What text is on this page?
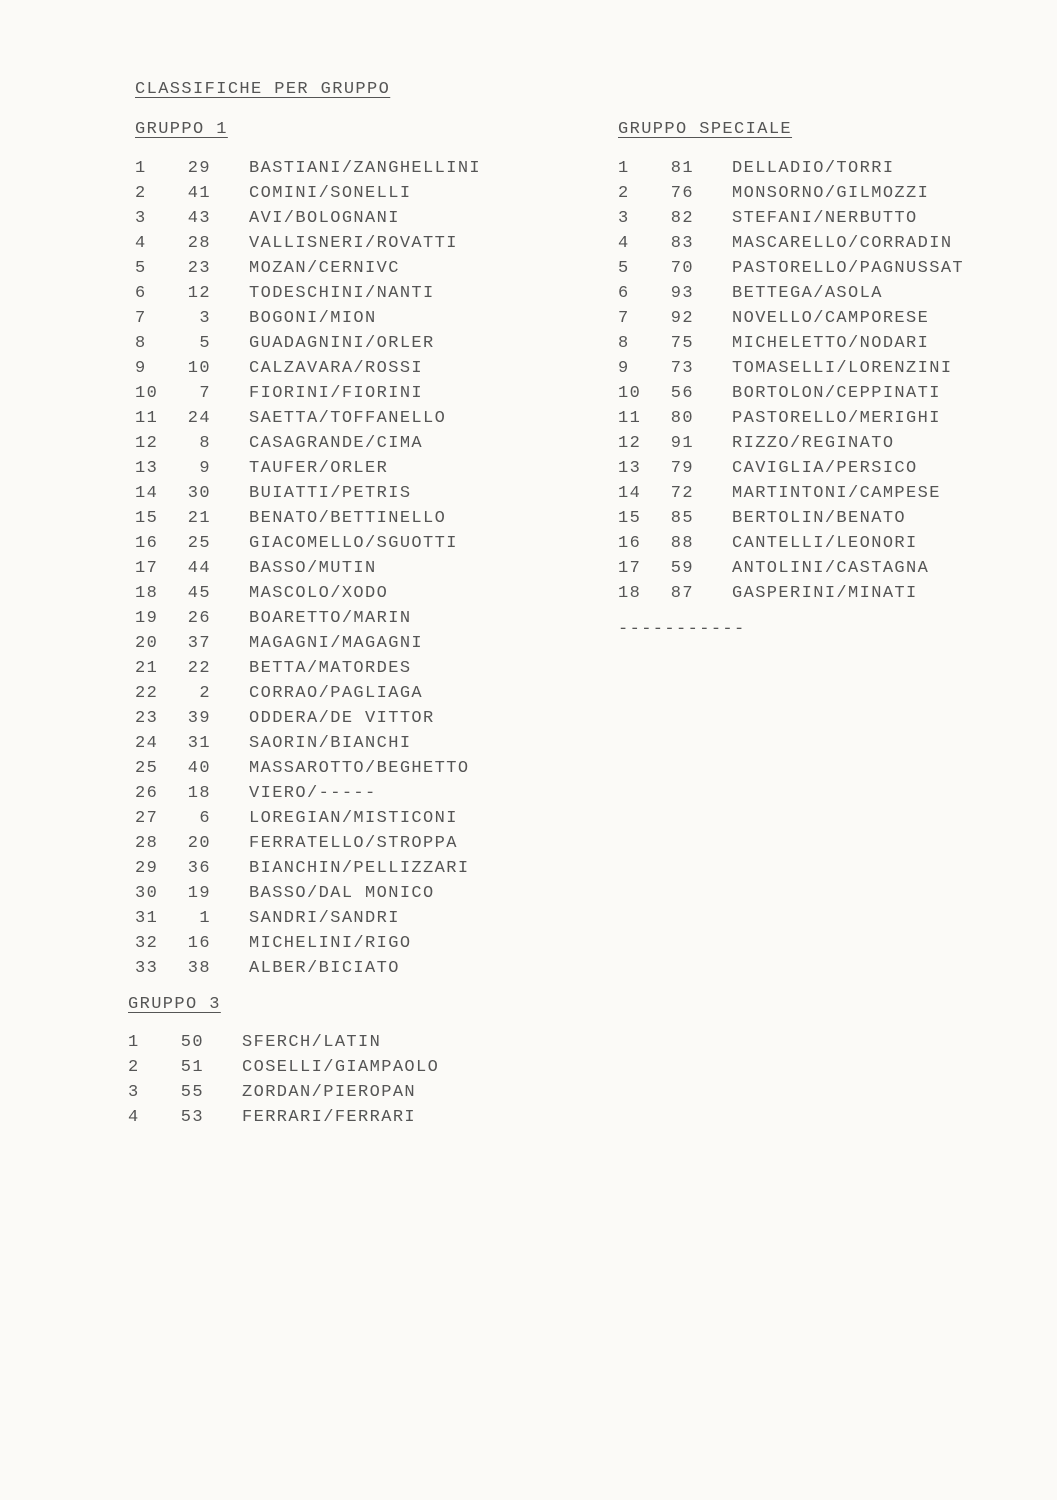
CLASSIFICHE PER GRUPPO
GRUPPO 1
1	29 BASTIANI/ZANGHELLINI
2	41 COMINI/SONELLI
3	43 AVI/BOLOGNANI
4	28 VALLISNERI/ROVATTI
5	23 MOZAN/CERNIVC
6	12 TODESCHINI/NANTI
7	3 BOGONI/MION
8	5 GUADAGNINI/ORLER
9	10 CALZAVARA/ROSSI
10	7 FIORINI/FIORINI
11	24 SAETTA/TOFFANELLO
12	8 CASAGRANDE/CIMA
13	9 TAUFER/ORLER
14	30 BUIATTI/PETRIS
15	21 BENATO/BETTINELLO
16	25 GIACOMELLO/SGUOTTI
17	44 BASSO/MUTIN
18	45 MASCOLO/XODO
19	26 BOARETTO/MARIN
20	37 MAGAGNI/MAGAGNI
21	22 BETTA/MATORDES
22	2 CORRAO/PAGLIAGA
23	39 ODDERA/DE VITTOR
24	31 SAORIN/BIANCHI
25	40 MASSAROTTO/BEGHETTO
26	18 VIERO/-----
27	6 LOREGIAN/MISTICONI
28	20 FERRATELLO/STROPPA
29	36 BIANCHIN/PELLIZZARI
30	19 BASSO/DAL MONICO
31	1 SANDRI/SANDRI
32	16 MICHELINI/RIGO
33	38 ALBER/BICIATO
GRUPPO 3
1	50 SFERCH/LATIN
2	51 COSELLI/GIAMPAOLO
3	55 ZORDAN/PIEROPAN
4	53 FERRARI/FERRARI
GRUPPO SPECIALE
1	81 DELLADIO/TORRI
2	76 MONSORNO/GILMOZZI
3	82 STEFANI/NERBUTTO
4	83 MASCARELLO/CORRADIN
5	70 PASTORELLO/PAGNUSSAT
6	93 BETTEGA/ASOLA
7	92 NOVELLO/CAMPORESE
8	75 MICHELETTO/NODARI
9	73 TOMASELLI/LORENZINI
10	56 BORTOLON/CEPPINATI
11	80 PASTORELLO/MERIGHI
12	91 RIZZO/REGINATO
13	79 CAVIGLIA/PERSICO
14	72 MARTINTONI/CAMPESE
15	85 BERTOLIN/BENATO
16	88 CANTELLI/LEONORI
17	59 ANTOLINI/CASTAGNA
18	87 GASPERINI/MINATI
-----------
